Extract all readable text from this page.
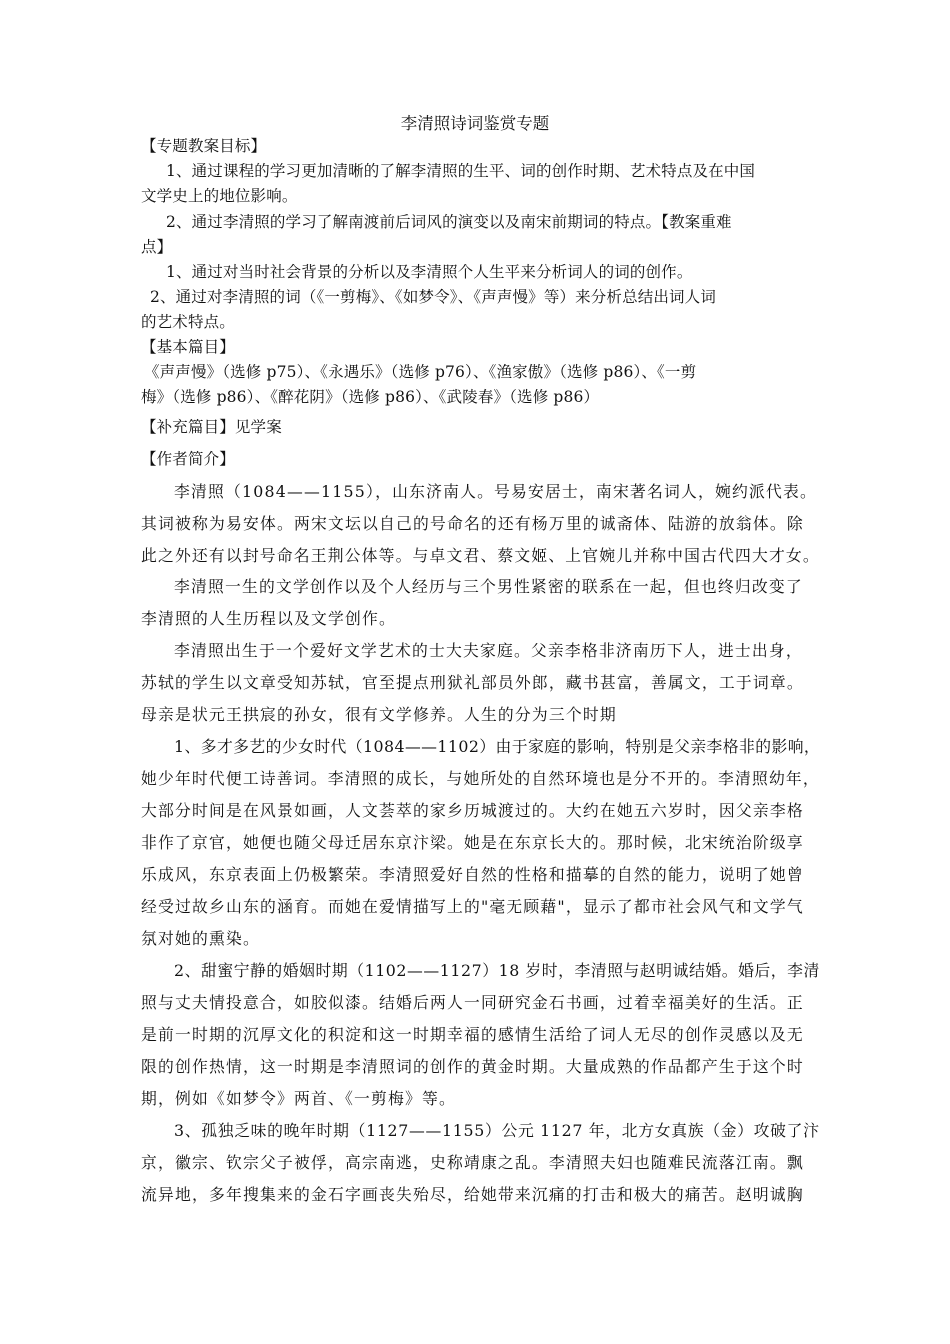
李清照诗词鉴赏专题
【专题教案目标】
1、通过课程的学习更加清晰的了解李清照的生平、词的创作时期、艺术特点及在中国
文学史上的地位影响。
2、通过李清照的学习了解南渡前后词风的演变以及南宋前期词的特点。【教案重难
点】
1、通过对当时社会背景的分析以及李清照个人生平来分析词人的词的创作。
2、通过对李清照的词（《一剪梅》、《如梦令》、《声声慢》等）来分析总结出词人词
的艺术特点。
【基本篇目】
《声声慢》（选修 p75）、《永遇乐》（选修 p76）、《渔家傲》（选修 p86）、《一剪
梅》（选修 p86）、《醉花阴》（选修 p86）、《武陵春》（选修 p86）
【补充篇目】见学案
【作者简介】
李清照（1084——1155），山东济南人。号易安居士，南宋著名词人，婉约派代表。
其词被称为易安体。两宋文坛以自己的号命名的还有杨万里的诚斋体、陆游的放翁体。除
此之外还有以封号命名王荆公体等。与卓文君、蔡文姬、上官婉儿并称中国古代四大才女。
李清照一生的文学创作以及个人经历与三个男性紧密的联系在一起，但也终归改变了
李清照的人生历程以及文学创作。
李清照出生于一个爱好文学艺术的士大夫家庭。父亲李格非济南历下人，进士出身，
苏轼的学生以文章受知苏轼，官至提点刑狱礼部员外郎，藏书甚富，善属文，工于词章。
母亲是状元王拱宸的孙女，很有文学修养。人生的分为三个时期
1、多才多艺的少女时代（1084——1102）由于家庭的影响，特别是父亲李格非的影响，
她少年时代便工诗善词。李清照的成长，与她所处的自然环境也是分不开的。李清照幼年，
大部分时间是在风景如画，人文荟萃的家乡历城渡过的。大约在她五六岁时，因父亲李格
非作了京官，她便也随父母迁居东京汴梁。她是在东京长大的。那时候，北宋统治阶级享
乐成风，东京表面上仍极繁荣。李清照爱好自然的性格和描摹的自然的能力，说明了她曾
经受过故乡山东的涵育。而她在爱情描写上的"毫无顾藉"，显示了都市社会风气和文学气
氛对她的熏染。
2、甜蜜宁静的婚姻时期（1102——1127）18 岁时，李清照与赵明诚结婚。婚后，李清
照与丈夫情投意合，如胶似漆。结婚后两人一同研究金石书画，过着幸福美好的生活。正
是前一时期的沉厚文化的积淀和这一时期幸福的感情生活给了词人无尽的创作灵感以及无
限的创作热情，这一时期是李清照词的创作的黄金时期。大量成熟的作品都产生于这个时
期，例如《如梦令》两首、《一剪梅》等。
3、孤独乏味的晚年时期（1127——1155）公元 1127 年，北方女真族（金）攻破了汴
京，徽宗、钦宗父子被俘，高宗南逃，史称靖康之乱。李清照夫妇也随难民流落江南。飘
流异地，多年搜集来的金石字画丧失殆尽，给她带来沉痛的打击和极大的痛苦。赵明诚胸
